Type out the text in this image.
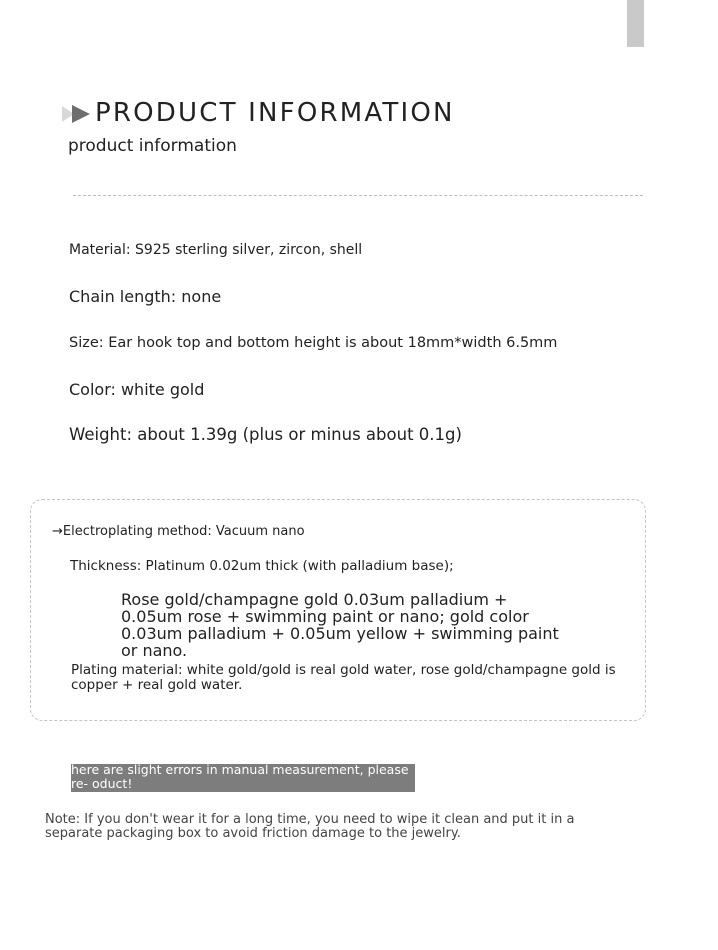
PRODUCT INFORMATION
product information
Material: S925 sterling silver, zircon, shell
Chain length: none
Size: Ear hook top and bottom height is about 18mm*width 6.5mm
Color: white gold
Weight: about 1.39g (plus or minus about 0.1g)
→Electroplating method: Vacuum nano
Thickness: Platinum 0.02um thick (with palladium base);
Rose gold/champagne gold 0.03um palladium + 0.05um rose + swimming paint or nano; gold color 0.03um palladium + 0.05um yellow + swimming paint or nano.
Plating material: white gold/gold is real gold water, rose gold/champagne gold is copper + real gold water.
here are slight errors in manual measurement, please re- oduct!
Note: If you don't wear it for a long time, you need to wipe it clean and put it in a separate packaging box to avoid friction damage to the jewelry.
